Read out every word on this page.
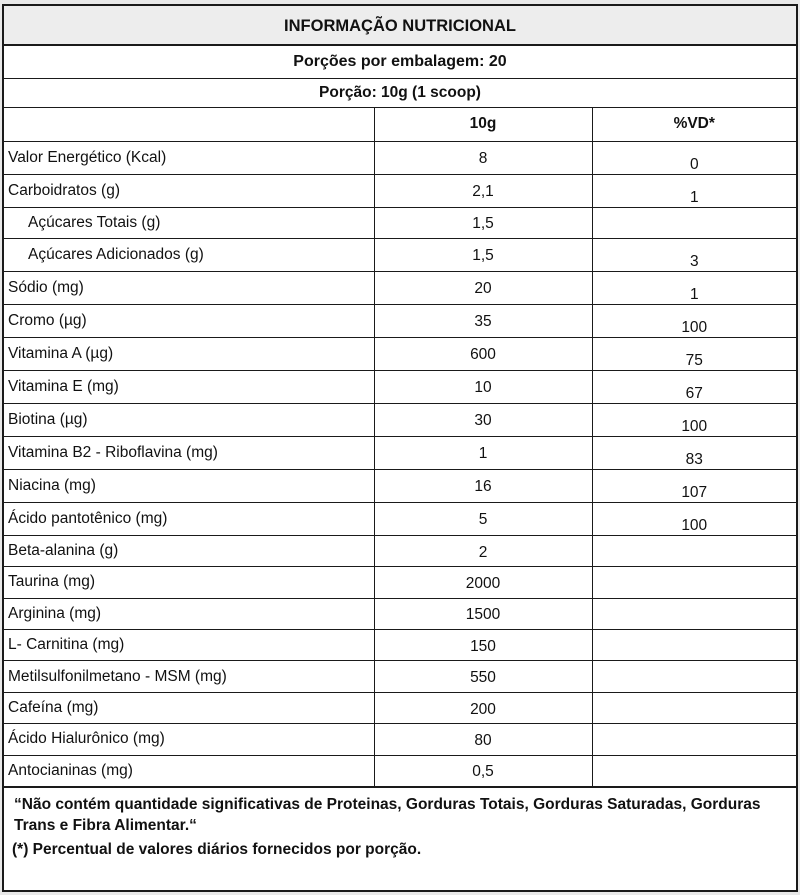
INFORMAÇÃO NUTRICIONAL
Porções por embalagem: 20
Porção: 10g (1 scoop)
	10g	%VD*
Valor Energético (Kcal)	8	0
Carboidratos (g)	2,1	1
Açúcares Totais (g)	1,5	
Açúcares Adicionados (g)	1,5	3
Sódio (mg)	20	1
Cromo (µg)	35	100
Vitamina A (µg)	600	75
Vitamina E (mg)	10	67
Biotina (µg)	30	100
Vitamina B2 - Riboflavina (mg)	1	83
Niacina (mg)	16	107
Ácido pantotênico (mg)	5	100
Beta-alanina (g)	2	
Taurina (mg)	2000	
Arginina (mg)	1500	
L- Carnitina (mg)	150	
Metilsulfonilmetano - MSM (mg)	550	
Cafeína (mg)	200	
Ácido Hialurônico (mg)	80	
Antocianinas (mg)	0,5	

“Não contém quantidade significativas de Proteinas, Gorduras Totais, Gorduras Saturadas, Gorduras Trans e Fibra Alimentar.“

(*) Percentual de valores diários fornecidos por porção.
